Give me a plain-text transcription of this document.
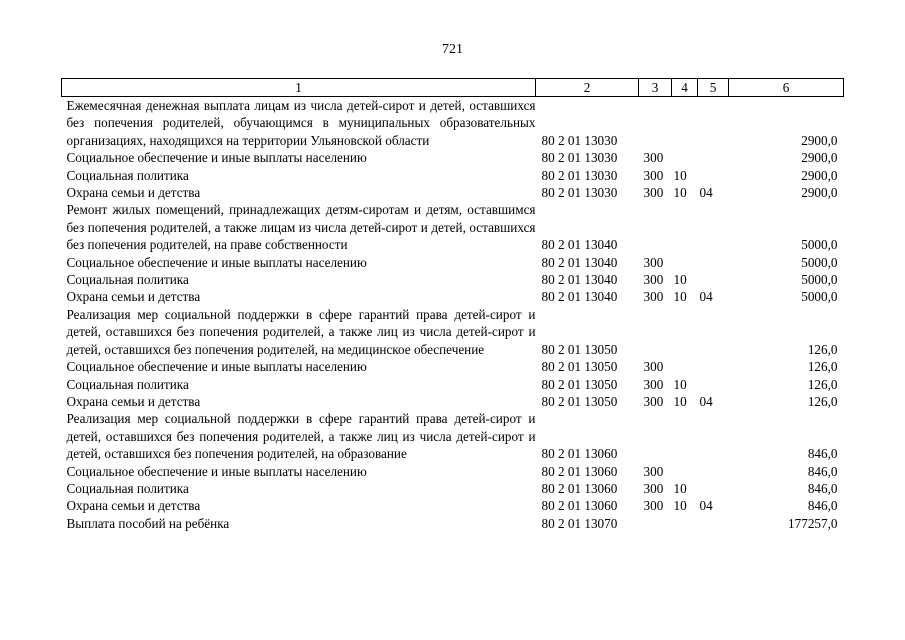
721
1	2	3	4	5	6
Ежемесячная денежная выплата лицам из числа детей-сирот и детей, оставшихся без попечения родителей, обучающимся в муниципальных образовательных организациях, находящихся на территории Ульяновской области	80 2 01 13030				2900,0
Социальное обеспечение и иные выплаты населению	80 2 01 13030	300			2900,0
Социальная политика	80 2 01 13030	300	10		2900,0
Охрана семьи и детства	80 2 01 13030	300	10	04	2900,0
Ремонт жилых помещений, принадлежащих детям-сиротам и детям, оставшимся без попечения родителей, а также лицам из числа детей-сирот и детей, оставшихся без попечения родителей, на праве собственности	80 2 01 13040				5000,0
Социальное обеспечение и иные выплаты населению	80 2 01 13040	300			5000,0
Социальная политика	80 2 01 13040	300	10		5000,0
Охрана семьи и детства	80 2 01 13040	300	10	04	5000,0
Реализация мер социальной поддержки в сфере гарантий права детей-сирот и детей, оставшихся без попечения родителей, а также лиц из числа детей-сирот и детей, оставшихся без попечения родителей, на медицинское обеспечение	80 2 01 13050				126,0
Социальное обеспечение и иные выплаты населению	80 2 01 13050	300			126,0
Социальная политика	80 2 01 13050	300	10		126,0
Охрана семьи и детства	80 2 01 13050	300	10	04	126,0
Реализация мер социальной поддержки в сфере гарантий права детей-сирот и детей, оставшихся без попечения родителей, а также лиц из числа детей-сирот и детей, оставшихся без попечения родителей, на образование	80 2 01 13060				846,0
Социальное обеспечение и иные выплаты населению	80 2 01 13060	300			846,0
Социальная политика	80 2 01 13060	300	10		846,0
Охрана семьи и детства	80 2 01 13060	300	10	04	846,0
Выплата пособий на ребёнка	80 2 01 13070				177257,0
